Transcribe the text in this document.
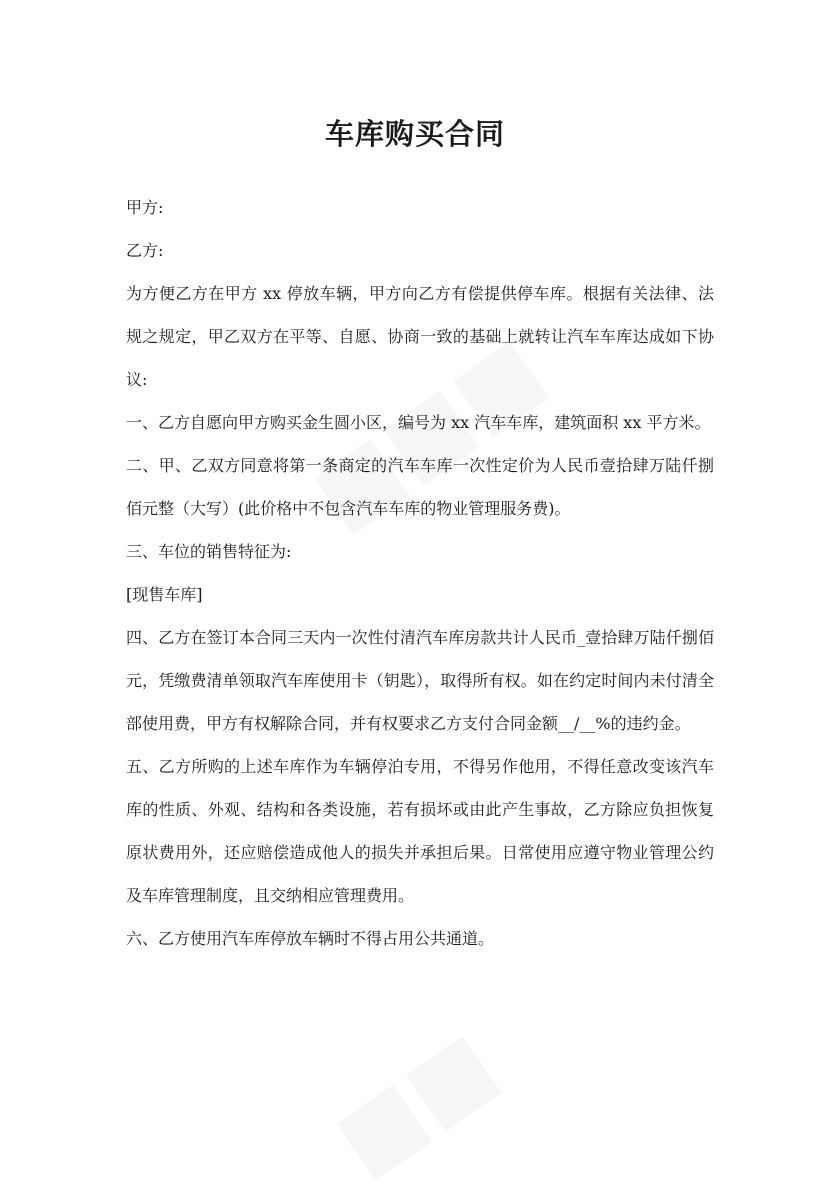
车库购买合同

甲方:

乙方:

为方便乙方在甲方 xx 停放车辆，甲方向乙方有偿提供停车库。根据有关法律、法规之规定，甲乙双方在平等、自愿、协商一致的基础上就转让汽车车库达成如下协议:

一、乙方自愿向甲方购买金生圆小区，编号为 xx 汽车车库，建筑面积 xx 平方米。

二、甲、乙双方同意将第一条商定的汽车车库一次性定价为人民币壹拾肆万陆仟捌佰元整（大写）(此价格中不包含汽车车库的物业管理服务费)。

三、车位的销售特征为:

[现售车库]

四、乙方在签订本合同三天内一次性付清汽车库房款共计人民币_壹拾肆万陆仟捌佰元，凭缴费清单领取汽车库使用卡（钥匙），取得所有权。如在约定时间内未付清全部使用费，甲方有权解除合同，并有权要求乙方支付合同金额__/__%的违约金。

五、乙方所购的上述车库作为车辆停泊专用，不得另作他用，不得任意改变该汽车库的性质、外观、结构和各类设施，若有损坏或由此产生事故，乙方除应负担恢复原状费用外，还应赔偿造成他人的损失并承担后果。日常使用应遵守物业管理公约及车库管理制度，且交纳相应管理费用。

六、乙方使用汽车库停放车辆时不得占用公共通道。
